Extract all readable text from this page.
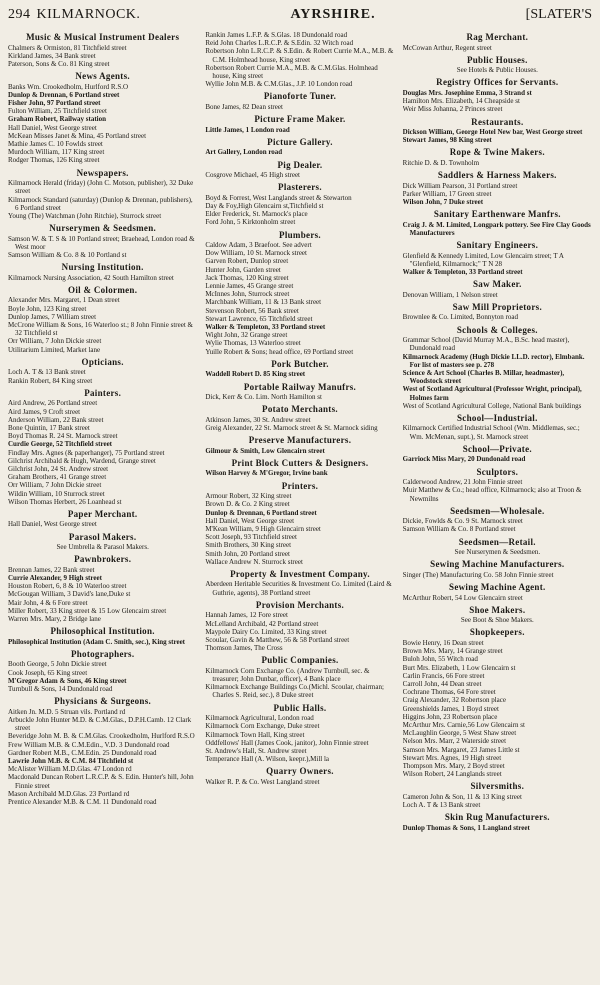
294 KILMARNOCK.	AYRSHIRE.	[SLATER'S
Music & Musical Instrument Dealers

Chalmers & Ormiston, 81 Titchfield street

Kirkland James, 34 Bank street

Paterson, Sons & Co. 81 King street

News Agents.

Banks Wm. Crookedholm, Hurlford R.S.O

Dunlop & Drennan, 6 Portland street

Fisher John, 97 Portland street

Fulton William, 25 Titchfield street

Graham Robert, Railway station

Hall Daniel, West George street

McKean Misses Janet & Mina, 45 Portland street

Mathie James C. 10 Fowlds street

Murdoch William, 117 King street

Rodger Thomas, 126 King street

Newspapers.

Kilmarnock Herald (friday) (John C. Motson, publisher), 32 Duke street

Kilmarnock Standard (saturday) (Dunlop & Drennan, publishers), 6 Portland street

Young (The) Watchman (John Ritchie), Sturrock street

Nurserymen & Seedsmen.

Samson W. & T. S & 10 Portland street; Braehead, London road & West moor

Samson William & Co. 8 & 10 Portland st

Nursing Institution.

Kilmarnock Nursing Association, 42 South Hamilton street

Oil & Colormen.

Alexander Mrs. Margaret, 1 Dean street

Boyle John, 123 King street

Dunlop James, 7 William street

McCrone William & Sons, 16 Waterloo st.; 8 John Finnie street & 32 Titchfield st

Orr William, 7 John Dickie street

Utilitarium Limited, Market lane

Opticians.

Loch A. T & 13 Bank street

Rankin Robert, 84 King street

Painters.

Aird Andrew, 26 Portland street

Aird James, 9 Croft street

Anderson William, 22 Bank street

Bone Quintin, 17 Bank street

Boyd Thomas R. 24 St. Marnock street

Curdie George, 52 Titchfield street

Findlay Mrs. Agnes (& paperhanger), 75 Portland street

Gilchrist Archibald & Hugh, Wardend, Grange street

Gilchrist John, 24 St. Andrew street

Graham Brothers, 41 Grange street

Orr William, 7 John Dickie street

Wildin William, 10 Sturrock street

Wilson Thomas Herbert, 26 Loanhead st

Paper Merchant.

Hall Daniel, West George street

Parasol Makers.

See Umbrella & Parasol Makers.

Pawnbrokers.

Brennan James, 22 Bank street

Currie Alexander, 9 High street

Houston Robert, 6, 8 & 10 Waterloo street

McGougan William, 3 David's lane,Duke st

Mair John, 4 & 6 Fore street

Miller Robert, 33 King street & 15 Low Glencairn street

Warren Mrs. Mary, 2 Bridge lane

Philosophical Institution.

Philosophical Institution (Adam C. Smith, sec.), King street

Photographers.

Booth George, 5 John Dickie street

Cook Joseph, 65 King street

M'Gregor Adam & Sons, 46 King street

Turnbull & Sons, 14 Dundonald road

Physicians & Surgeons.

Aitken Jn. M.D. 5 Struan vils. Portland rd

Arbuckle John Hunter M.D. & C.M.Glas., D.P.H.Camb. 12 Clark street

Beveridge John M. B. & C.M.Glas. Crookedholm, Hurlford R.S.O

Frew William M.B. & C.M.Edin., V.D. 3 Dundonald road

Gardner Robert M.B., C.M.Edin. 25 Dundonald road

Lawrie John M.B. & C.M. 84 Titchfield st

McAlister William M.D.Glas. 47 London rd

Macdonald Duncan Robert L.R.C.P. & S. Edin. Hunter's hill, John Finnie street

Mason Archibald M.D.Glas. 23 Portland rd

Prentice Alexander M.B. & C.M. 11 Dundonald road

Rankin James L.F.P. & S.Glas. 18 Dundonald road

Reid John Charles L.R.C.P. & S.Edin. 32 Witch road

Robertson John L.R.C.P. & S.Edin. & Robert Currie M.A., M.B. & C.M. Holmhead house, King street

Robertson Robert Currie M.A., M.B. & C.M.Glas. Holmhead house, King street

Wyllie John M.B. & C.M.Glas., J.P. 10 London road

Pianoforte Tuner.

Bone James, 82 Dean street

Picture Frame Maker.

Little James, 1 London road

Picture Gallery.

Art Gallery, London road

Pig Dealer.

Cosgrove Michael, 45 High street

Plasterers.

Boyd & Forrest, West Langlands street & Stewarton

Day & Foy,High Glencairn st,Titchfield st

Elder Frederick, St. Marnock's place

Ford John, 5 Kirktonholm street

Plumbers.

Caldow Adam, 3 Braefoot. See advert

Dow William, 10 St. Marnock street

Garven Robert, Dunlop street

Hunter John, Garden street

Jack Thomas, 120 King street

Lennie James, 45 Grange street

McInnes John, Sturrock street

Marchbank William, 11 & 13 Bank street

Stevenson Robert, 56 Bank street

Stewart Lawrence, 65 Titchfield street

Walker & Templeton, 33 Portland street

Wight John, 32 Grange street

Wylie Thomas, 13 Waterloo street

Yuille Robert & Sons; head office, 69 Portland street

Pork Butcher.

Waddell Robert D. 85 King street

Portable Railway Manufrs.

Dick, Kerr & Co. Lim. North Hamilton st

Potato Merchants.

Atkinson James, 30 St. Andrew street

Greig Alexander, 22 St. Marnock street & St. Marnock siding

Preserve Manufacturers.

Gilmour & Smith, Low Glencairn street

Print Block Cutters & Designers.

Wilson Harvey & M'Gregor, Irvine bank

Printers.

Armour Robert, 32 King street

Brown D. & Co. 2 King street

Dunlop & Drennan, 6 Portland street

Hall Daniel, West George street

M'Kean William, 9 High Glencairn street

Scott Joseph, 93 Titchfield street

Smith Brothers, 30 King street

Smith John, 20 Portland street

Wallace Andrew N. Sturrock street

Property & Investment Company.

Aberdeen Heritable Securities & Investment Co. Limited (Laird & Guthrie, agents), 38 Portland street

Provision Merchants.

Hannah James, 12 Fore street

McLelland Archibald, 42 Portland street

Maypole Dairy Co. Limited, 33 King street

Scoular, Gavin & Matthew, 56 & 58 Portland street

Thomson James, The Cross

Public Companies.

Kilmarnock Corn Exchange Co. (Andrew Turnbull, sec. & treasurer; John Dunbar, officer), 4 Bank place

Kilmarnock Exchange Buildings Co.(Michl. Scoular, chairman; Charles S. Reid, sec.), 8 Duke street

Public Halls.

Kilmarnock Agricultural, London road

Kilmarnock Corn Exchange, Duke street

Kilmarnock Town Hall, King street

Oddfellows' Hall (James Cook, janitor), John Finnie street

St. Andrew's Hall, St. Andrew street

Temperance Hall (A. Wilson, keepr.),Mill la

Quarry Owners.

Walker R. P. & Co. West Langland street

Rag Merchant.

McCowan Arthur, Regent street

Public Houses.

See Hotels & Public Houses.

Registry Offices for Servants.

Douglas Mrs. Josephine Emma, 3 Strand st

Hamilton Mrs. Elizabeth, 14 Cheapside st

Weir Miss Johanna, 2 Princes street

Restaurants.

Dickson William, George Hotel New bar, West George street

Stewart James, 98 King street

Rope & Twine Makers.

Ritchie D. & D. Townholm

Saddlers & Harness Makers.

Dick William Pearson, 31 Portland street

Parker William, 17 Green street

Wilson John, 7 Duke street

Sanitary Earthenware Manfrs.

Craig J. & M. Limited, Longpark pottery. See Fire Clay Goods Manufacturers

Sanitary Engineers.

Glenfield & Kennedy Limited, Low Glencairn street; T A "Glenfield, Kilmarnock;" T N 28

Walker & Templeton, 33 Portland street

Saw Maker.

Denovan William, 1 Nelson street

Saw Mill Proprietors.

Brownlee & Co. Limited, Bonnyton road

Schools & Colleges.

Grammar School (David Murray M.A., B.Sc. head master), Dundonald road

Kilmarnock Academy (Hugh Dickie LL.D. rector), Elmbank. For list of masters see p. 278

Science & Art School (Charles B. Millar, headmaster), Woodstock street

West of Scotland Agricultural (Professor Wright, principal), Holmes farm

West of Scotland Agricultural College, National Bank buildings

School—Industrial.

Kilmarnock Certified Industrial School (Wm. Middlemas, sec.; Wm. McMenan, supt.), St. Marnock street

School—Private.

Garriock Miss Mary, 20 Dundonald road

Sculptors.

Calderwood Andrew, 21 John Finnie street

Muir Matthew & Co.; head office, Kilmarnock; also at Troon & Newmilns

Seedsmen—Wholesale.

Dickie, Fowlds & Co. 9 St. Marnock street

Samson William & Co. 8 Portland street

Seedsmen—Retail.

See Nurserymen & Seedsmen.

Sewing Machine Manufacturers.

Singer (The) Manufacturing Co. 58 John Finnie street

Sewing Machine Agent.

McArthur Robert, 54 Low Glencairn street

Shoe Makers.

See Boot & Shoe Makers.

Shopkeepers.

Bowie Henry, 16 Dean street

Brown Mrs. Mary, 14 Grange street

Buloh John, 55 Witch road

Burt Mrs. Elizabeth, 1 Low Glencairn st

Carlin Francis, 66 Fore street

Carroll John, 44 Dean street

Cochrane Thomas, 64 Fore street

Craig Alexander, 32 Robertson place

Greenshields James, 1 Boyd street

Higgins John, 23 Robertson place

McArthur Mrs. Carnie,56 Low Glencairn st

McLaughlin George, 5 West Shaw street

Nelson Mrs. Marr, 2 Waterside street

Samson Mrs. Margaret, 23 James Little st

Stewart Mrs. Agnes, 19 High street

Thompson Mrs. Mary, 2 Boyd street

Wilson Robert, 24 Langlands street

Silversmiths.

Cameron John & Son, 11 & 13 King street

Loch A. T & 13 Bank street

Skin Rug Manufacturers.

Dunlop Thomas & Sons, 1 Langland street
